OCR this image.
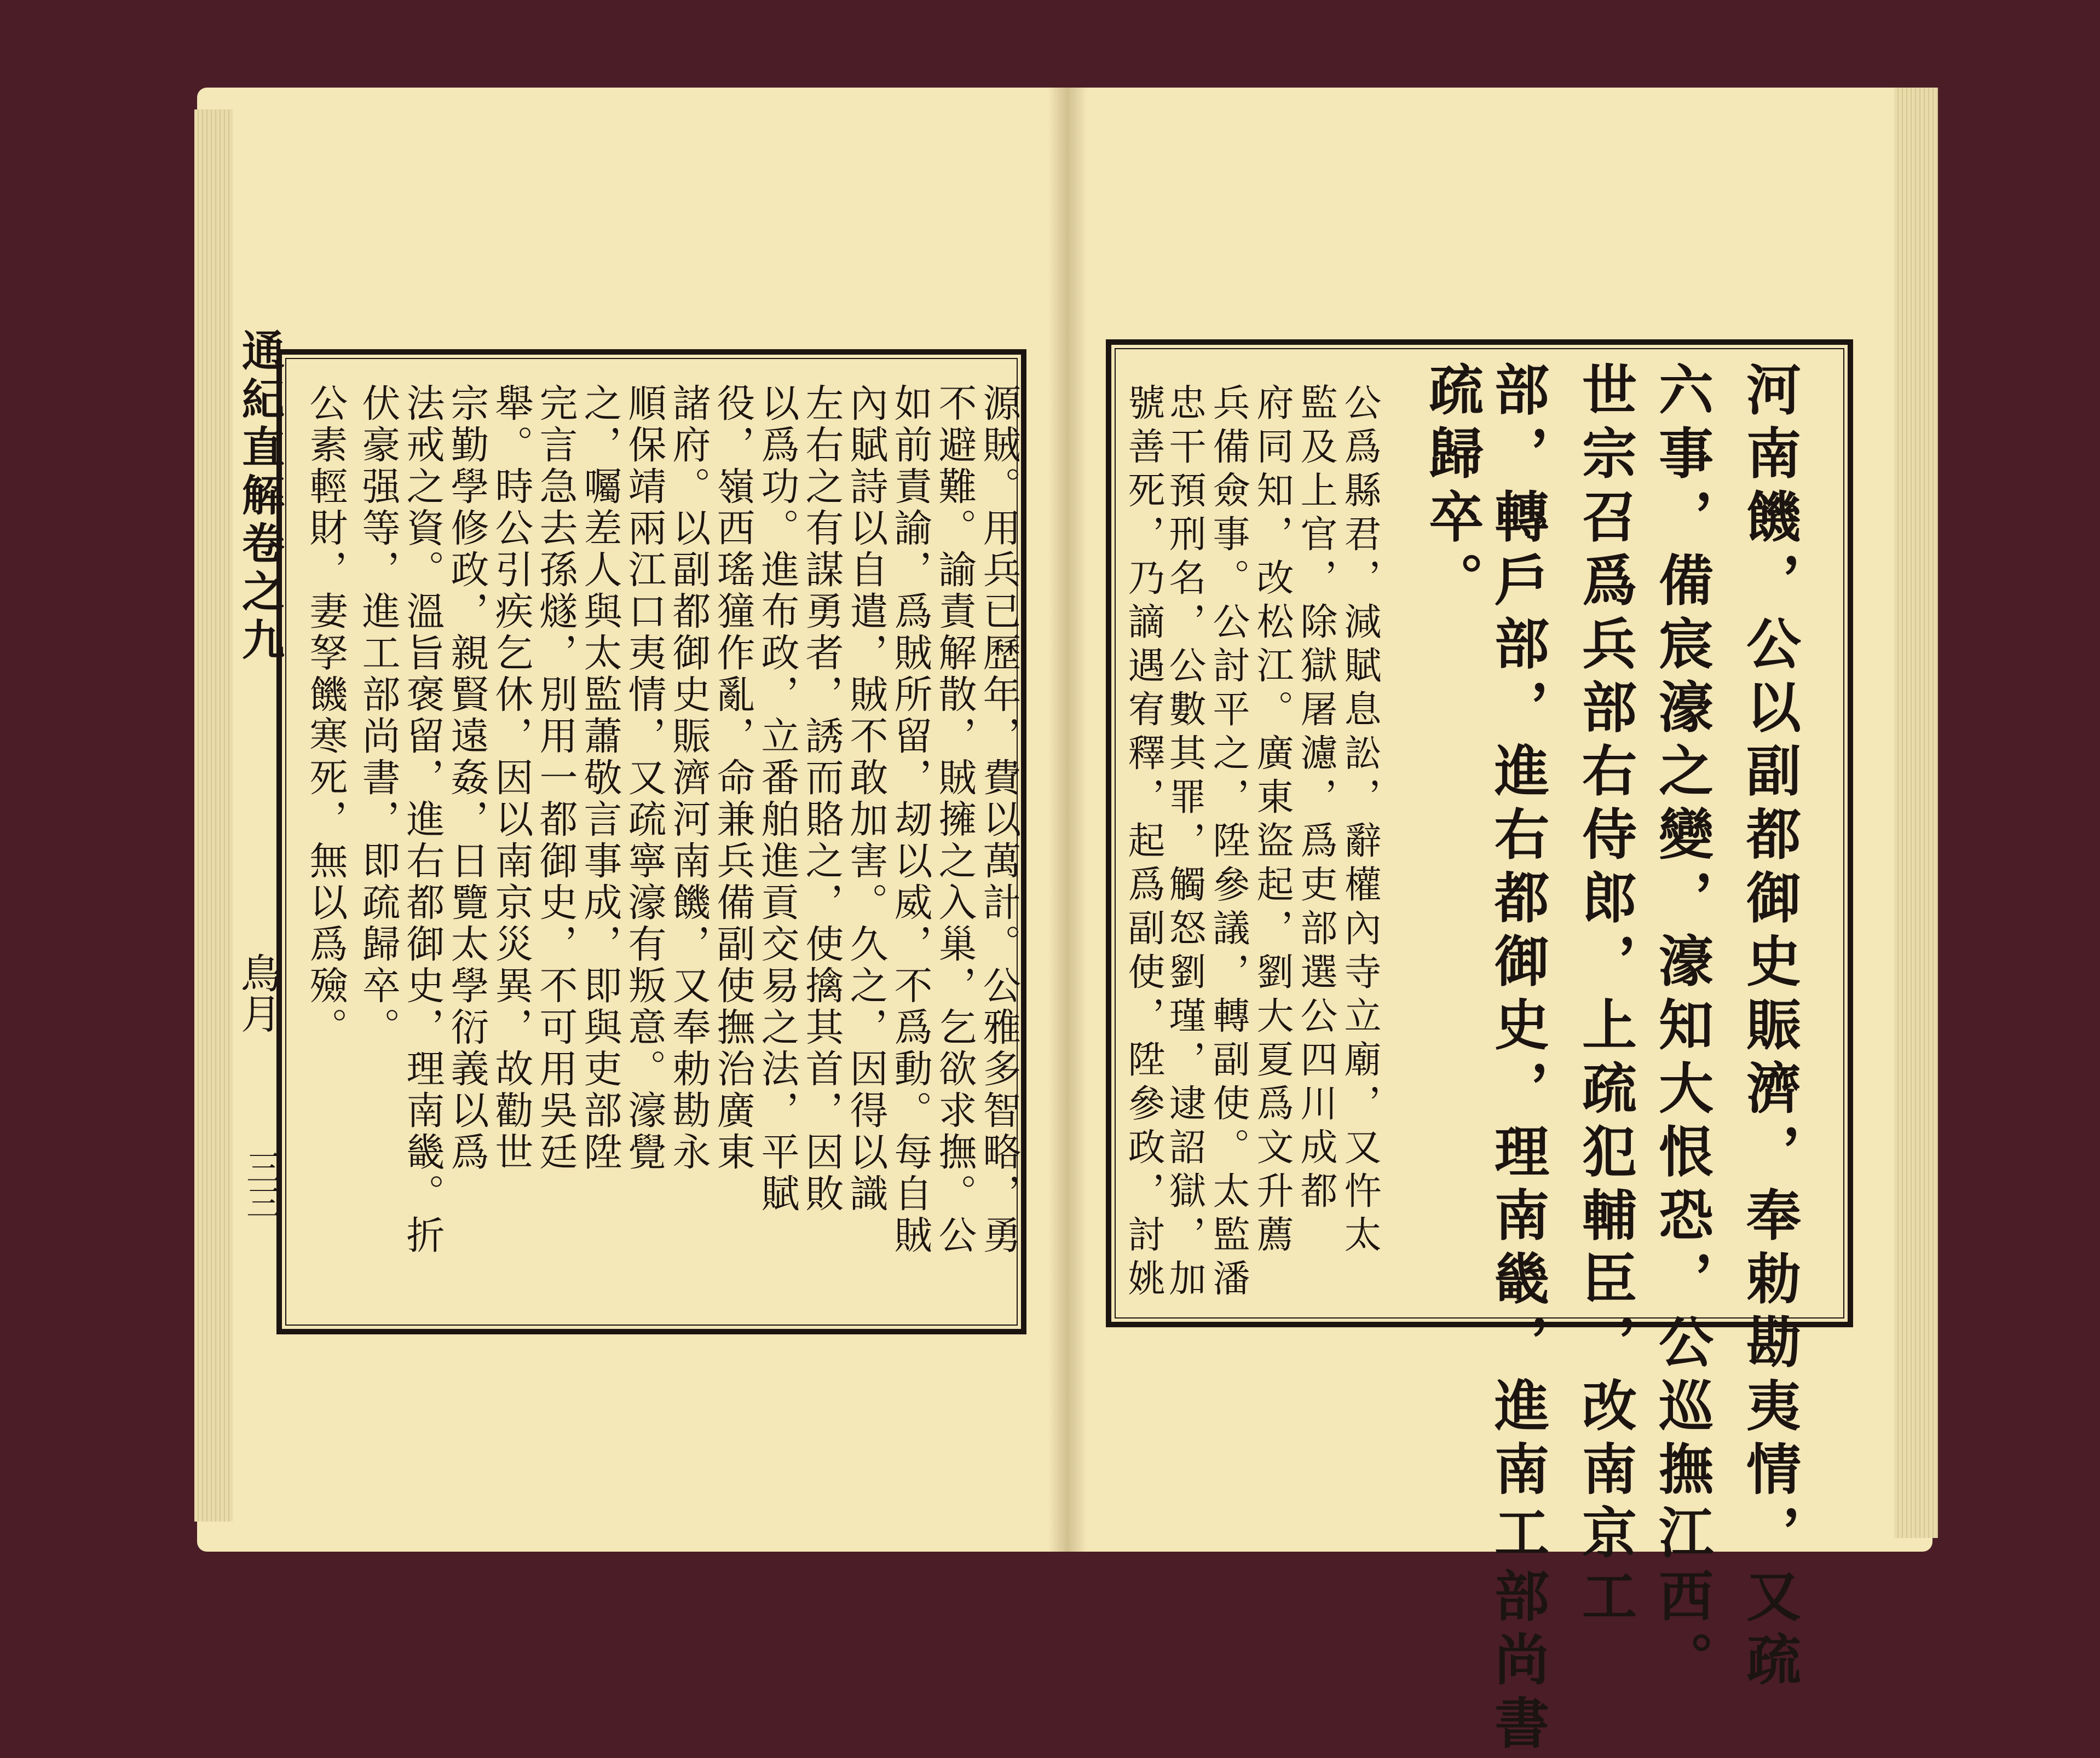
通紀直解卷之九
鳥月
三三	源賊。用兵已歷年，費以萬計。公雅多智略，勇
不避難。諭責解散，賊擁之入巢，乞欲求撫。公
如前責諭，爲賊所留，刼以威，不爲動。每自賊
內賦詩以自遣，賊不敢加害。久之，因得以識
左右之有謀勇者，誘而賂之，使擒其首，因敗
以爲功。進布政，立番舶進貢交易之法，平賦
役，嶺西瑤獞作亂，命兼兵備副使撫治廣東
諸府。以副都御史賑濟河南饑，又奉勅勘永
順保靖兩江口夷情，又疏寧濠有叛意。濠覺
之，囑差人與太監蕭敬言事成，即與吏部陞
完言急去孫燧，別用一都御史，不可用吳廷
舉。時公引疾乞休，因以南京災異，故勸世
宗勤學修政，親賢遠姦，日覽太學衍義以爲
法戒之資。溫旨褒留，進右都御史，理南畿。折
伏豪强等，進工部尚書，即疏歸卒。
公素輕財，妻孥饑寒死，無以爲殮。	公爲縣君，減賦息訟，辭權內寺立廟，又忤太
監及上官，除獄屠濾，爲吏部選公四川成都
府同知，改松江。廣東盜起，劉大夏爲文升薦
兵備僉事。公討平之，陞參議，轉副使。太監潘
忠干預刑名，公數其罪，觸怒劉瑾，逮詔獄，加
號善死，乃謫遇宥釋，起爲副使，陞參政，討姚	疏歸卒。 部，轉戶部，進右都御史，理南畿，進南工部尚書 世宗召爲兵部右侍郎，上疏犯輔臣，改南京工 六事，備宸濠之變，濠知大恨恐，公巡撫江西。 河南饑，公以副都御史賑濟，奉勅勘夷情，又疏
